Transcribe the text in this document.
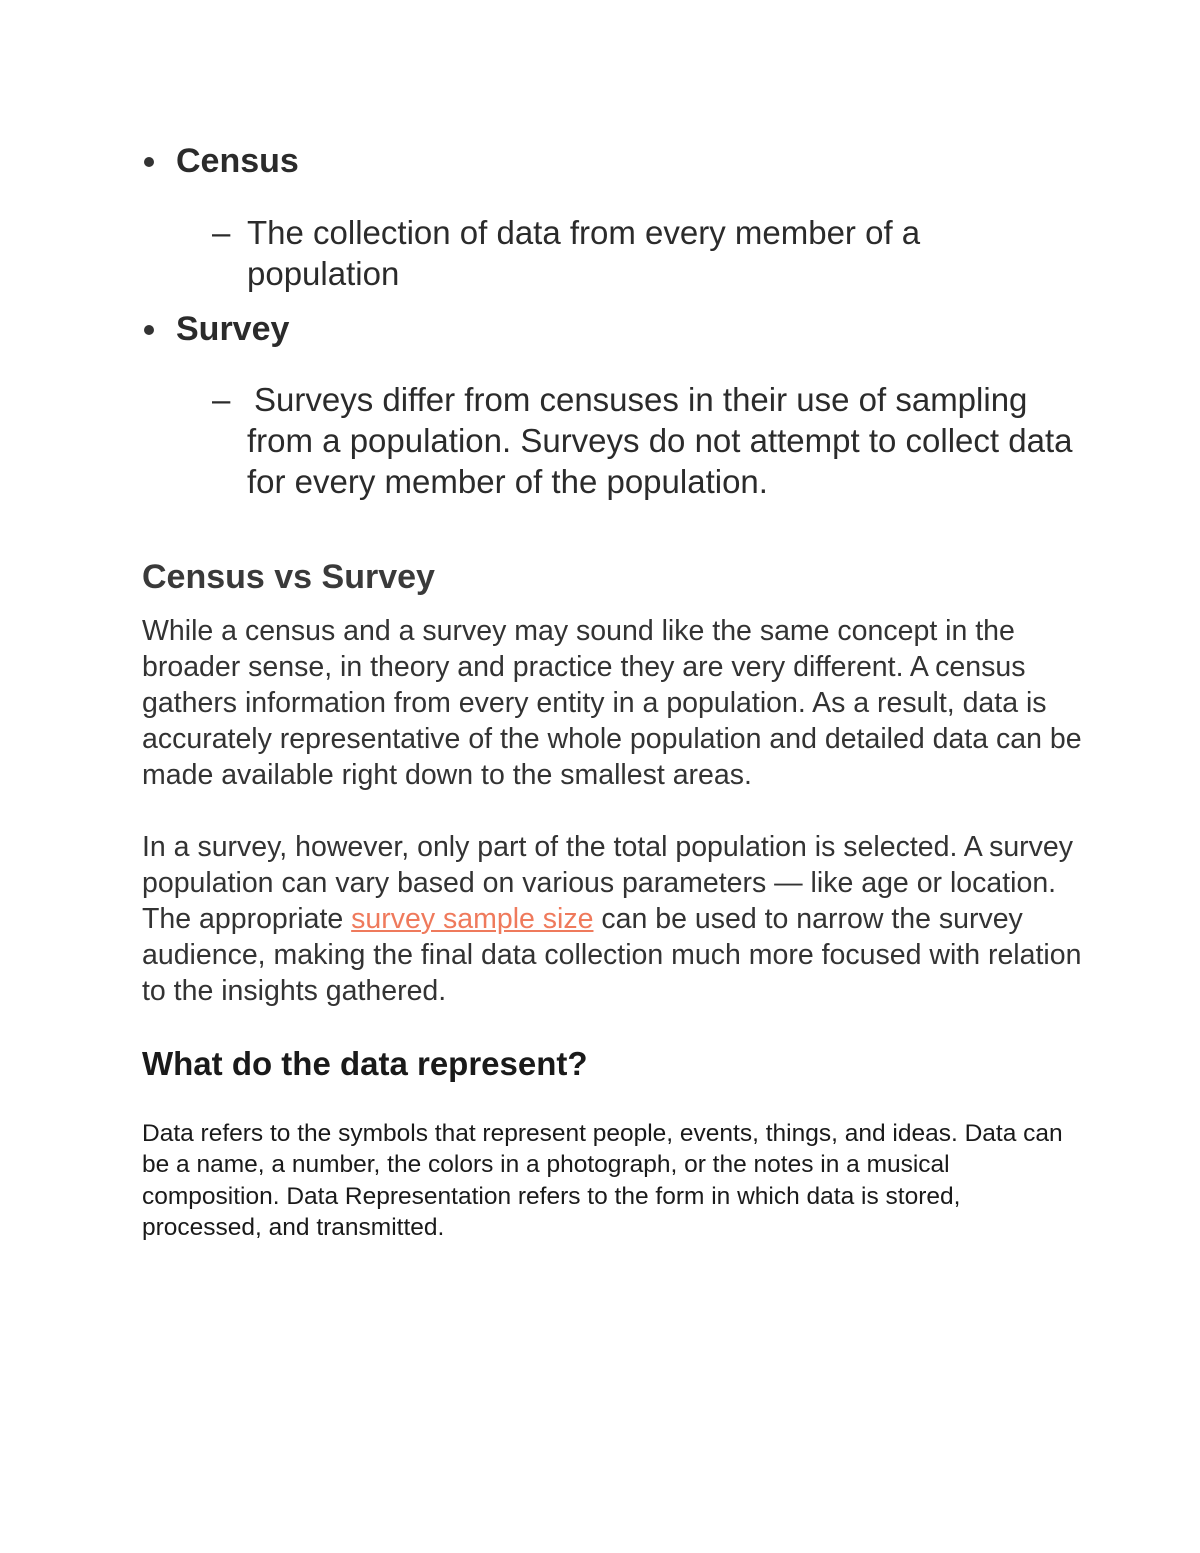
Census
– The collection of data from every member of a population
Survey
– Surveys differ from censuses in their use of sampling from a population. Surveys do not attempt to collect data for every member of the population.
Census vs Survey

While a census and a survey may sound like the same concept in the broader sense, in theory and practice they are very different. A census gathers information from every entity in a population. As a result, data is accurately representative of the whole population and detailed data can be made available right down to the smallest areas.

In a survey, however, only part of the total population is selected. A survey population can vary based on various parameters — like age or location. The appropriate survey sample size can be used to narrow the survey audience, making the final data collection much more focused with relation to the insights gathered.

What do the data represent?

Data refers to the symbols that represent people, events, things, and ideas. Data can be a name, a number, the colors in a photograph, or the notes in a musical composition. Data Representation refers to the form in which data is stored, processed, and transmitted.
